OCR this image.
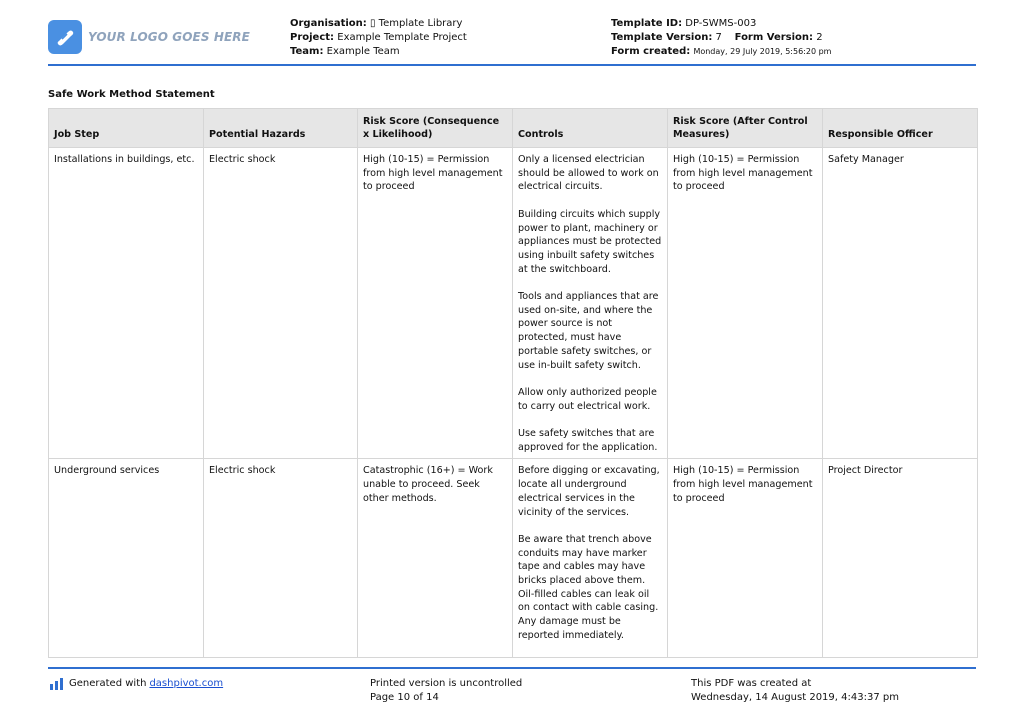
YOUR LOGO GOES HERE
Organisation: ▯ Template Library
Project: Example Template Project
Team: Example Team
Template ID: DP-SWMS-003
Template Version: 7 Form Version: 2
Form created: Monday, 29 July 2019, 5:56:20 pm
Safe Work Method Statement
Job Step	Potential Hazards	Risk Score (Consequence x Likelihood)	Controls	Risk Score (After Control Measures)	Responsible Officer
Installations in buildings, etc.	Electric shock	High (10-15) = Permission from high level management to proceed	Only a licensed electrician should be allowed to work on electrical circuits.

Building circuits which supply power to plant, machinery or appliances must be protected using inbuilt safety switches at the switchboard.

Tools and appliances that are used on-site, and where the power source is not protected, must have portable safety switches, or use in-built safety switch.

Allow only authorized people to carry out electrical work.

Use safety switches that are approved for the application.	High (10-15) = Permission from high level management to proceed	Safety Manager
Underground services	Electric shock	Catastrophic (16+) = Work unable to proceed. Seek other methods.	Before digging or excavating, locate all underground electrical services in the vicinity of the services.

Be aware that trench above conduits may have marker tape and cables may have bricks placed above them. Oil-filled cables can leak oil on contact with cable casing. Any damage must be reported immediately.	High (10-15) = Permission from high level management to proceed	Project Director
Generated with dashpivot.com	Printed version is uncontrolled
Page 10 of 14
This PDF was created at
Wednesday, 14 August 2019, 4:43:37 pm
